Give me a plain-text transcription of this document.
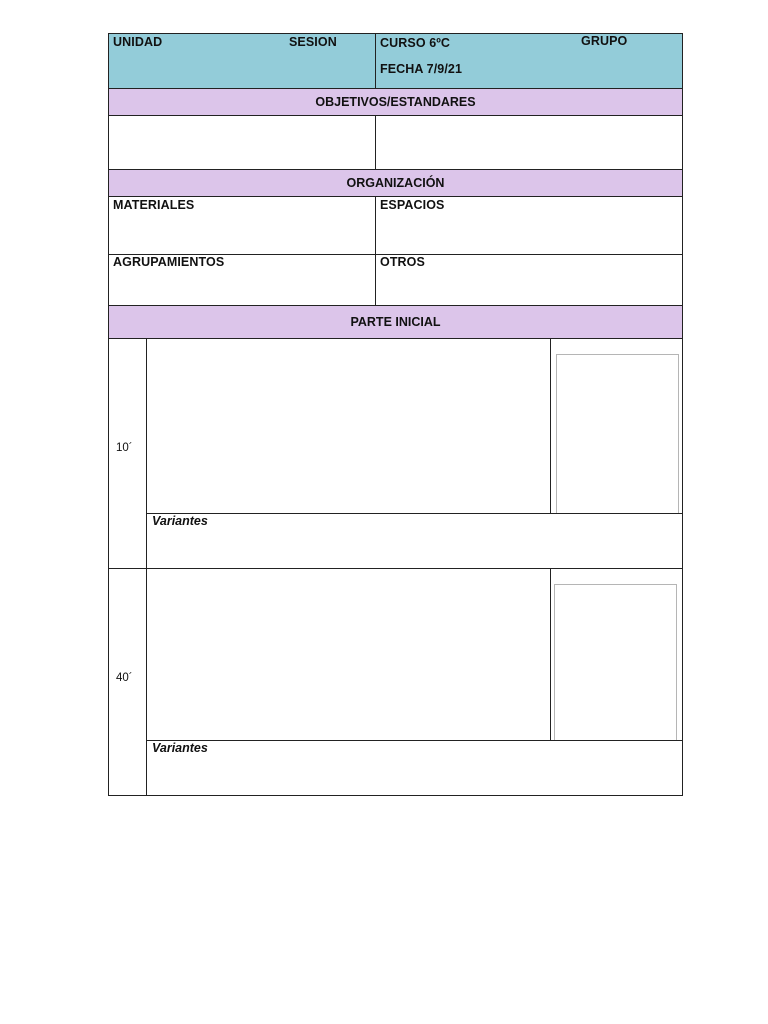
UNIDAD	SESION	CURSO 6ºC	GRUPO
FECHA 7/9/21
OBJETIVOS/ESTANDARES
ORGANIZACIÓN
MATERIALES	ESPACIOS
AGRUPAMIENTOS	OTROS
PARTE INICIAL
10´
Variantes
40´
Variantes
